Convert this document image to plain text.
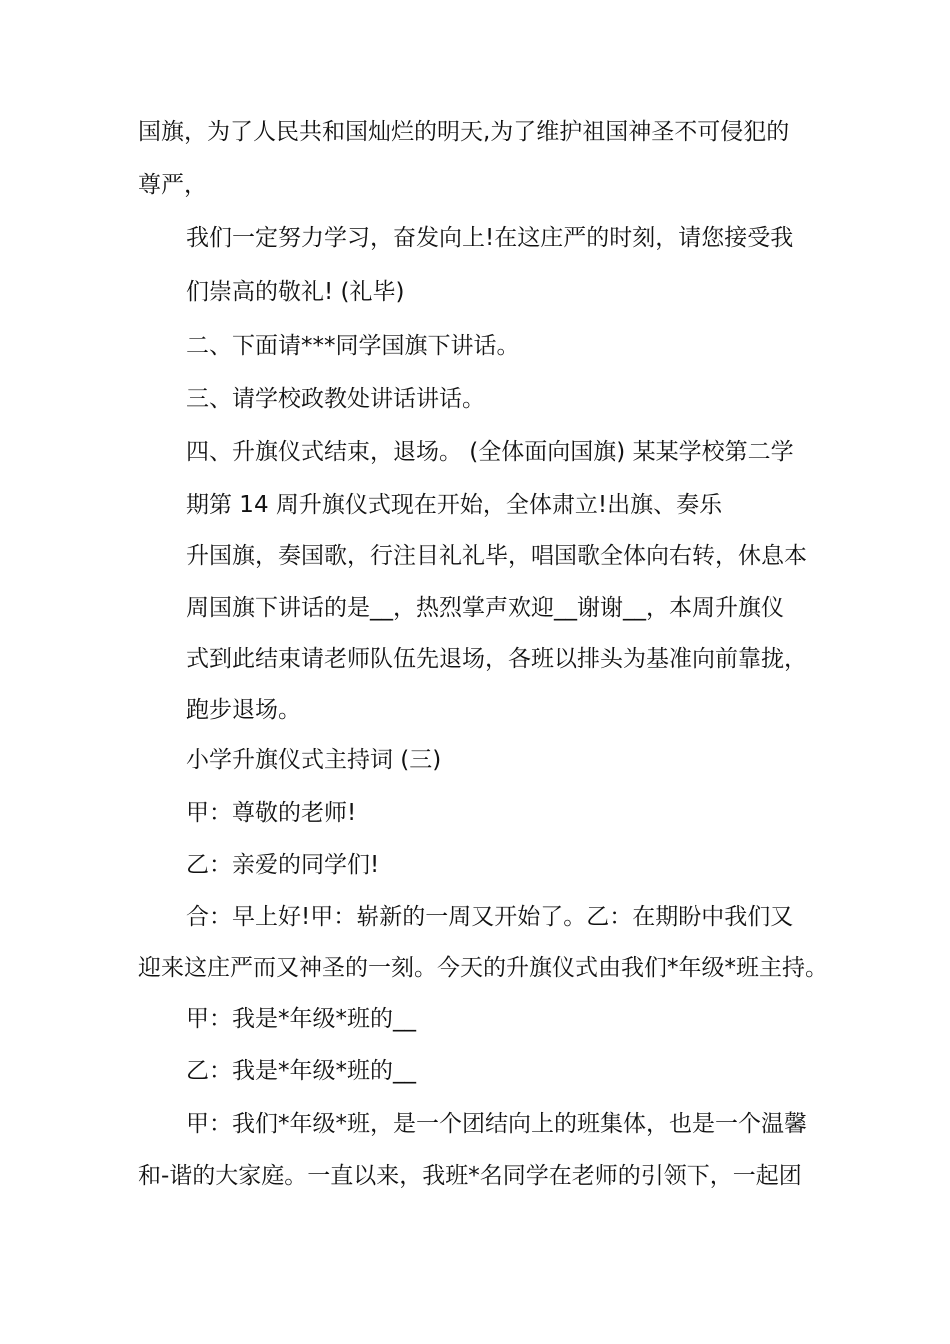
国旗，为了人民共和国灿烂的明天,为了维护祖国神圣不可侵犯的
尊严，
我们一定努力学习，奋发向上!在这庄严的时刻，请您接受我
们崇高的敬礼! (礼毕)
二、下面请***同学国旗下讲话。
三、请学校政教处讲话讲话。
四、升旗仪式结束，退场。 (全体面向国旗) 某某学校第二学
期第 14 周升旗仪式现在开始，全体肃立!出旗、奏乐
升国旗，奏国歌，行注目礼礼毕，唱国歌全体向右转，休息本
周国旗下讲话的是__，热烈掌声欢迎__谢谢__，本周升旗仪
式到此结束请老师队伍先退场，各班以排头为基准向前靠拢，
跑步退场。
小学升旗仪式主持词 (三)
甲：尊敬的老师!
乙：亲爱的同学们!
合：早上好!甲：崭新的一周又开始了。乙：在期盼中我们又
迎来这庄严而又神圣的一刻。今天的升旗仪式由我们*年级*班主持。
甲：我是*年级*班的__
乙：我是*年级*班的__
甲：我们*年级*班，是一个团结向上的班集体，也是一个温馨
和-谐的大家庭。一直以来，我班*名同学在老师的引领下，一起团
